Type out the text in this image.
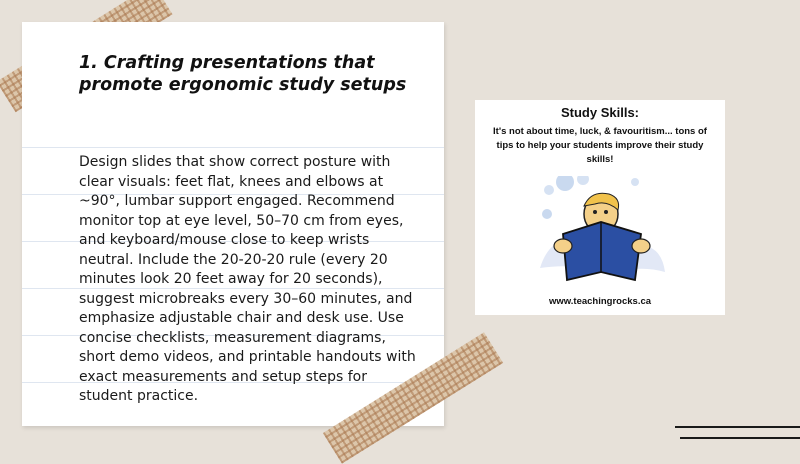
1. Crafting presentations that promote ergonomic study setups

Design slides that show correct posture with clear visuals: feet flat, knees and elbows at ~90°, lumbar support engaged. Recommend monitor top at eye level, 50–70 cm from eyes, and keyboard/mouse close to keep wrists neutral. Include the 20-20-20 rule (every 20 minutes look 20 feet away for 20 seconds), suggest microbreaks every 30–60 minutes, and emphasize adjustable chair and desk use. Use concise checklists, measurement diagrams, short demo videos, and printable handouts with exact measurements and setup steps for student practice.

Study Skills:
It's not about time, luck, & favouritism... tons of tips to help your students improve their study skills!
www.teachingrocks.ca
